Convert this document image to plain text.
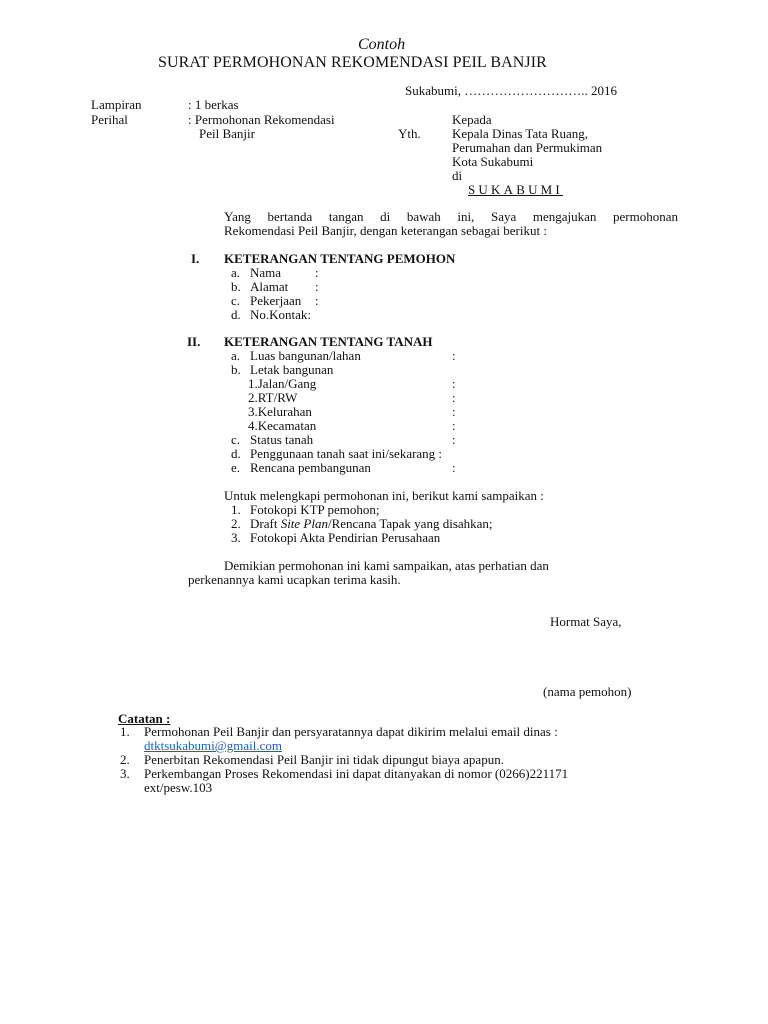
Contoh
SURAT PERMOHONAN REKOMENDASI PEIL BANJIR
Sukabumi, ……………………….. 2016
Lampiran	: 1 berkas
Perihal	: Permohonan Rekomendasi
Peil Banjir
Kepada
Yth. Kepala Dinas Tata Ruang,
Perumahan dan Permukiman
Kota Sukabumi
di
SUKABUMI
Yang bertanda tangan di bawah ini, Saya mengajukan permohonan
Rekomendasi Peil Banjir, dengan keterangan sebagai berikut :
I. KETERANGAN TENTANG PEMOHON
a. Nama	:
b. Alamat :
c. Pekerjaan :
d. No.Kontak:
II. KETERANGAN TENTANG TANAH
a. Luas bangunan/lahan	:
b. Letak bangunan
1.Jalan/Gang	:
2.RT/RW	:
3.Kelurahan	:
4.Kecamatan	:
c. Status tanah	:
d. Penggunaan tanah saat ini/sekarang :
e. Rencana pembangunan	:
Untuk melengkapi permohonan ini, berikut kami sampaikan :
1. Fotokopi KTP pemohon;
2. Draft Site Plan/Rencana Tapak yang disahkan;
3. Fotokopi Akta Pendirian Perusahaan
Demikian permohonan ini kami sampaikan, atas perhatian dan
perkenannya kami ucapkan terima kasih.
Hormat Saya,
(nama pemohon)
Catatan :
1. Permohonan Peil Banjir dan persyaratannya dapat dikirim melalui email dinas :
dtktsukabumi@gmail.com
2. Penerbitan Rekomendasi Peil Banjir ini tidak dipungut biaya apapun.
3. Perkembangan Proses Rekomendasi ini dapat ditanyakan di nomor (0266)221171
ext/pesw.103
